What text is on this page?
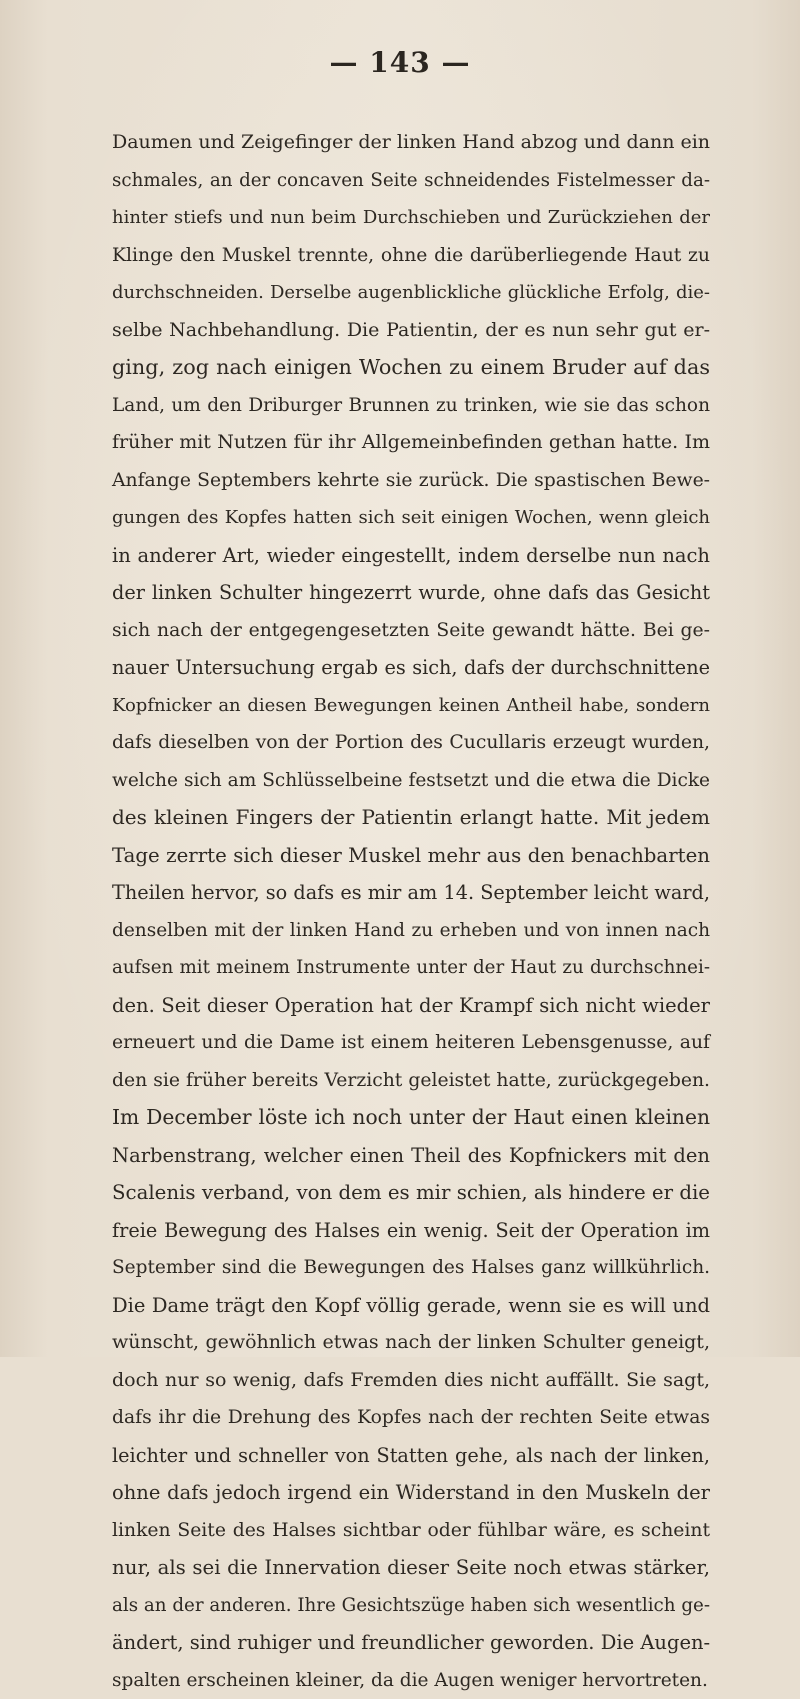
— 143 —
Daumen und Zeigefinger der linken Hand abzog und dann ein
schmales, an der concaven Seite schneidendes Fistelmesser da-
hinter stiefs und nun beim Durchschieben und Zurückziehen der
Klinge den Muskel trennte, ohne die darüberliegende Haut zu
durchschneiden. Derselbe augenblickliche glückliche Erfolg, die-
selbe Nachbehandlung. Die Patientin, der es nun sehr gut er-
ging, zog nach einigen Wochen zu einem Bruder auf das
Land, um den Driburger Brunnen zu trinken, wie sie das schon
früher mit Nutzen für ihr Allgemeinbefinden gethan hatte. Im
Anfange Septembers kehrte sie zurück. Die spastischen Bewe-
gungen des Kopfes hatten sich seit einigen Wochen, wenn gleich
in anderer Art, wieder eingestellt, indem derselbe nun nach
der linken Schulter hingezerrt wurde, ohne dafs das Gesicht
sich nach der entgegengesetzten Seite gewandt hätte. Bei ge-
nauer Untersuchung ergab es sich, dafs der durchschnittene
Kopfnicker an diesen Bewegungen keinen Antheil habe, sondern
dafs dieselben von der Portion des Cucullaris erzeugt wurden,
welche sich am Schlüsselbeine festsetzt und die etwa die Dicke
des kleinen Fingers der Patientin erlangt hatte. Mit jedem
Tage zerrte sich dieser Muskel mehr aus den benachbarten
Theilen hervor, so dafs es mir am 14. September leicht ward,
denselben mit der linken Hand zu erheben und von innen nach
aufsen mit meinem Instrumente unter der Haut zu durchschnei-
den. Seit dieser Operation hat der Krampf sich nicht wieder
erneuert und die Dame ist einem heiteren Lebensgenusse, auf
den sie früher bereits Verzicht geleistet hatte, zurückgegeben.
Im December löste ich noch unter der Haut einen kleinen
Narbenstrang, welcher einen Theil des Kopfnickers mit den
Scalenis verband, von dem es mir schien, als hindere er die
freie Bewegung des Halses ein wenig. Seit der Operation im
September sind die Bewegungen des Halses ganz willkührlich.
Die Dame trägt den Kopf völlig gerade, wenn sie es will und
wünscht, gewöhnlich etwas nach der linken Schulter geneigt,
doch nur so wenig, dafs Fremden dies nicht auffällt. Sie sagt,
dafs ihr die Drehung des Kopfes nach der rechten Seite etwas
leichter und schneller von Statten gehe, als nach der linken,
ohne dafs jedoch irgend ein Widerstand in den Muskeln der
linken Seite des Halses sichtbar oder fühlbar wäre, es scheint
nur, als sei die Innervation dieser Seite noch etwas stärker,
als an der anderen. Ihre Gesichtszüge haben sich wesentlich ge-
ändert, sind ruhiger und freundlicher geworden. Die Augen-
spalten erscheinen kleiner, da die Augen weniger hervortreten.
